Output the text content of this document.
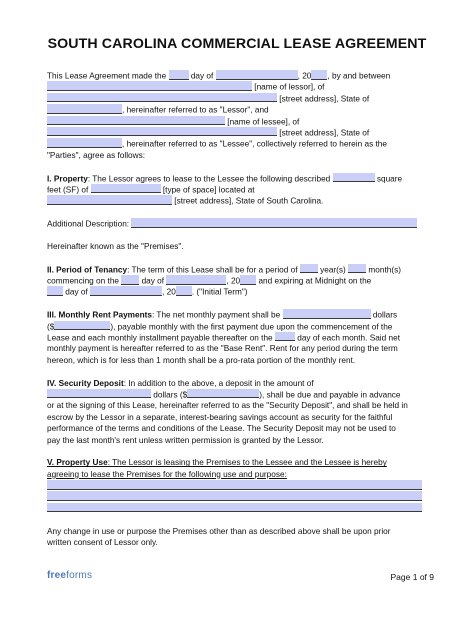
SOUTH CAROLINA COMMERCIAL LEASE AGREEMENT
This Lease Agreement made the	day of	, 20 , by and between
[name of lessor], of
[street address], State of
, hereinafter referred to as "Lessor", and
[name of lessee], of
[street address], State of
, hereinafter referred to as "Lessee", collectively referred to herein as the
"Parties", agree as follows:
I. Property: The Lessor agrees to lease to the Lessee the following described	square
feet (SF) of	[type of space] located at
[street address], State of South Carolina.
Additional Description:
Hereinafter known as the "Premises".
II. Period of Tenancy: The term of this Lease shall be for a period of	year(s)	month(s)
commencing on the	day of	, 20 and expiring at Midnight on the
day of	, 20 . ("Initial Term")
III. Monthly Rent Payments: The net monthly payment shall be	dollars
($	), payable monthly with the first payment due upon the commencement of the
Lease and each monthly installment payable thereafter on the	day of each month. Said net
monthly payment is hereafter referred to as the "Base Rent". Rent for any period during the term
hereon, which is for less than 1 month shall be a pro-rata portion of the monthly rent.
IV. Security Deposit: In addition to the above, a deposit in the amount of
dollars ($	), shall be due and payable in advance
or at the signing of this Lease, hereinafter referred to as the "Security Deposit", and shall be held in
escrow by the Lessor in a separate, interest-bearing savings account as security for the faithful
performance of the terms and conditions of the Lease. The Security Deposit may not be used to
pay the last month's rent unless written permission is granted by the Lessor.
V. Property Use: The Lessor is leasing the Premises to the Lessee and the Lessee is hereby
agreeing to lease the Premises for the following use and purpose:
Any change in use or purpose the Premises other than as described above shall be upon prior
written consent of Lessor only.
freeforms	Page 1 of 9
